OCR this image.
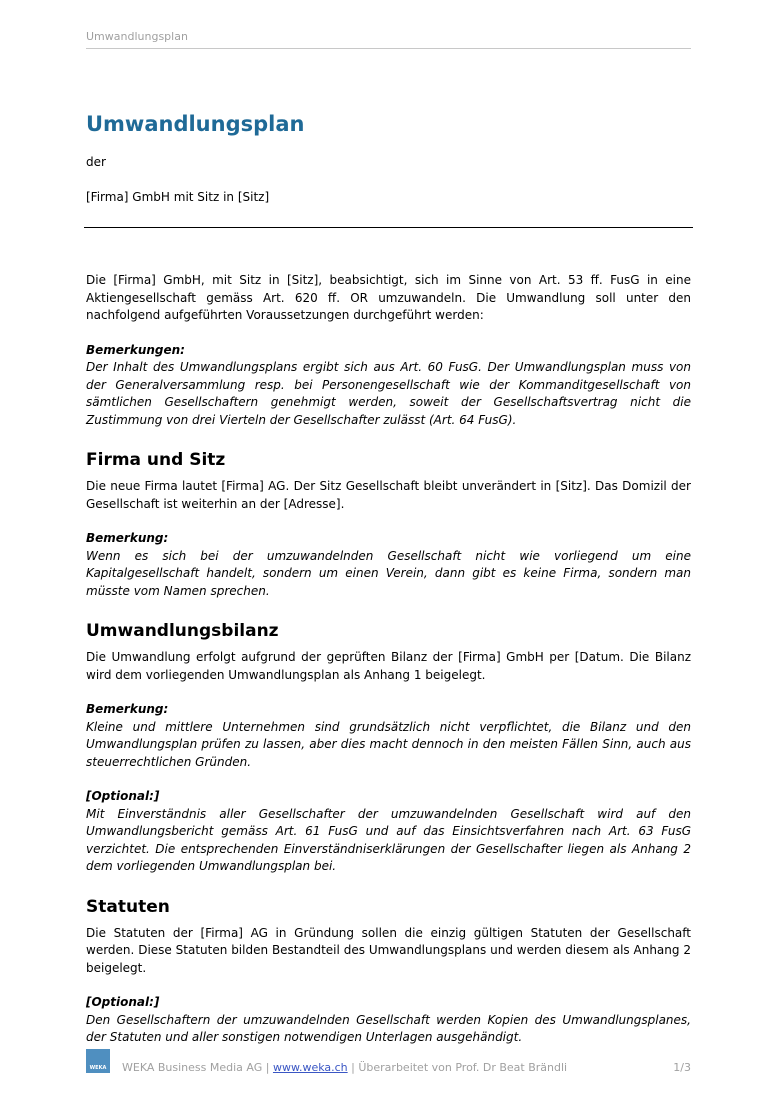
Umwandlungsplan
Umwandlungsplan
der
[Firma] GmbH mit Sitz in [Sitz]

Die [Firma] GmbH, mit Sitz in [Sitz], beabsichtigt, sich im Sinne von Art. 53 ff. FusG in eine Aktiengesellschaft gemäss Art. 620 ff. OR umzuwandeln. Die Umwandlung soll unter den nachfolgend aufgeführten Voraussetzungen durchgeführt werden:

Bemerkungen:

Der Inhalt des Umwandlungsplans ergibt sich aus Art. 60 FusG. Der Umwandlungsplan muss von der Generalversammlung resp. bei Personengesellschaft wie der Kommanditgesellschaft von sämtlichen Gesellschaftern genehmigt werden, soweit der Gesellschaftsvertrag nicht die Zustimmung von drei Vierteln der Gesellschafter zulässt (Art. 64 FusG).

Firma und Sitz

Die neue Firma lautet [Firma] AG. Der Sitz Gesellschaft bleibt unverändert in [Sitz]. Das Domizil der Gesellschaft ist weiterhin an der [Adresse].

Bemerkung:

Wenn es sich bei der umzuwandelnden Gesellschaft nicht wie vorliegend um eine Kapitalgesellschaft handelt, sondern um einen Verein, dann gibt es keine Firma, sondern man müsste vom Namen sprechen.

Umwandlungsbilanz

Die Umwandlung erfolgt aufgrund der geprüften Bilanz der [Firma] GmbH per [Datum. Die Bilanz wird dem vorliegenden Umwandlungsplan als Anhang 1 beigelegt.

Bemerkung:

Kleine und mittlere Unternehmen sind grundsätzlich nicht verpflichtet, die Bilanz und den Umwandlungsplan prüfen zu lassen, aber dies macht dennoch in den meisten Fällen Sinn, auch aus steuerrechtlichen Gründen.

[Optional:]

Mit Einverständnis aller Gesellschafter der umzuwandelnden Gesellschaft wird auf den Umwandlungsbericht gemäss Art. 61 FusG und auf das Einsichtsverfahren nach Art. 63 FusG verzichtet. Die entsprechenden Einverständniserklärungen der Gesellschafter liegen als Anhang 2 dem vorliegenden Umwandlungsplan bei.

Statuten

Die Statuten der [Firma] AG in Gründung sollen die einzig gültigen Statuten der Gesellschaft werden. Diese Statuten bilden Bestandteil des Umwandlungsplans und werden diesem als Anhang 2 beigelegt.

[Optional:]

Den Gesellschaftern der umzuwandelnden Gesellschaft werden Kopien des Umwandlungsplanes, der Statuten und aller sonstigen notwendigen Unterlagen ausgehändigt.

WEKA	WEKA Business Media AG | www.weka.ch | Überarbeitet von Prof. Dr Beat Brändli	1/3
